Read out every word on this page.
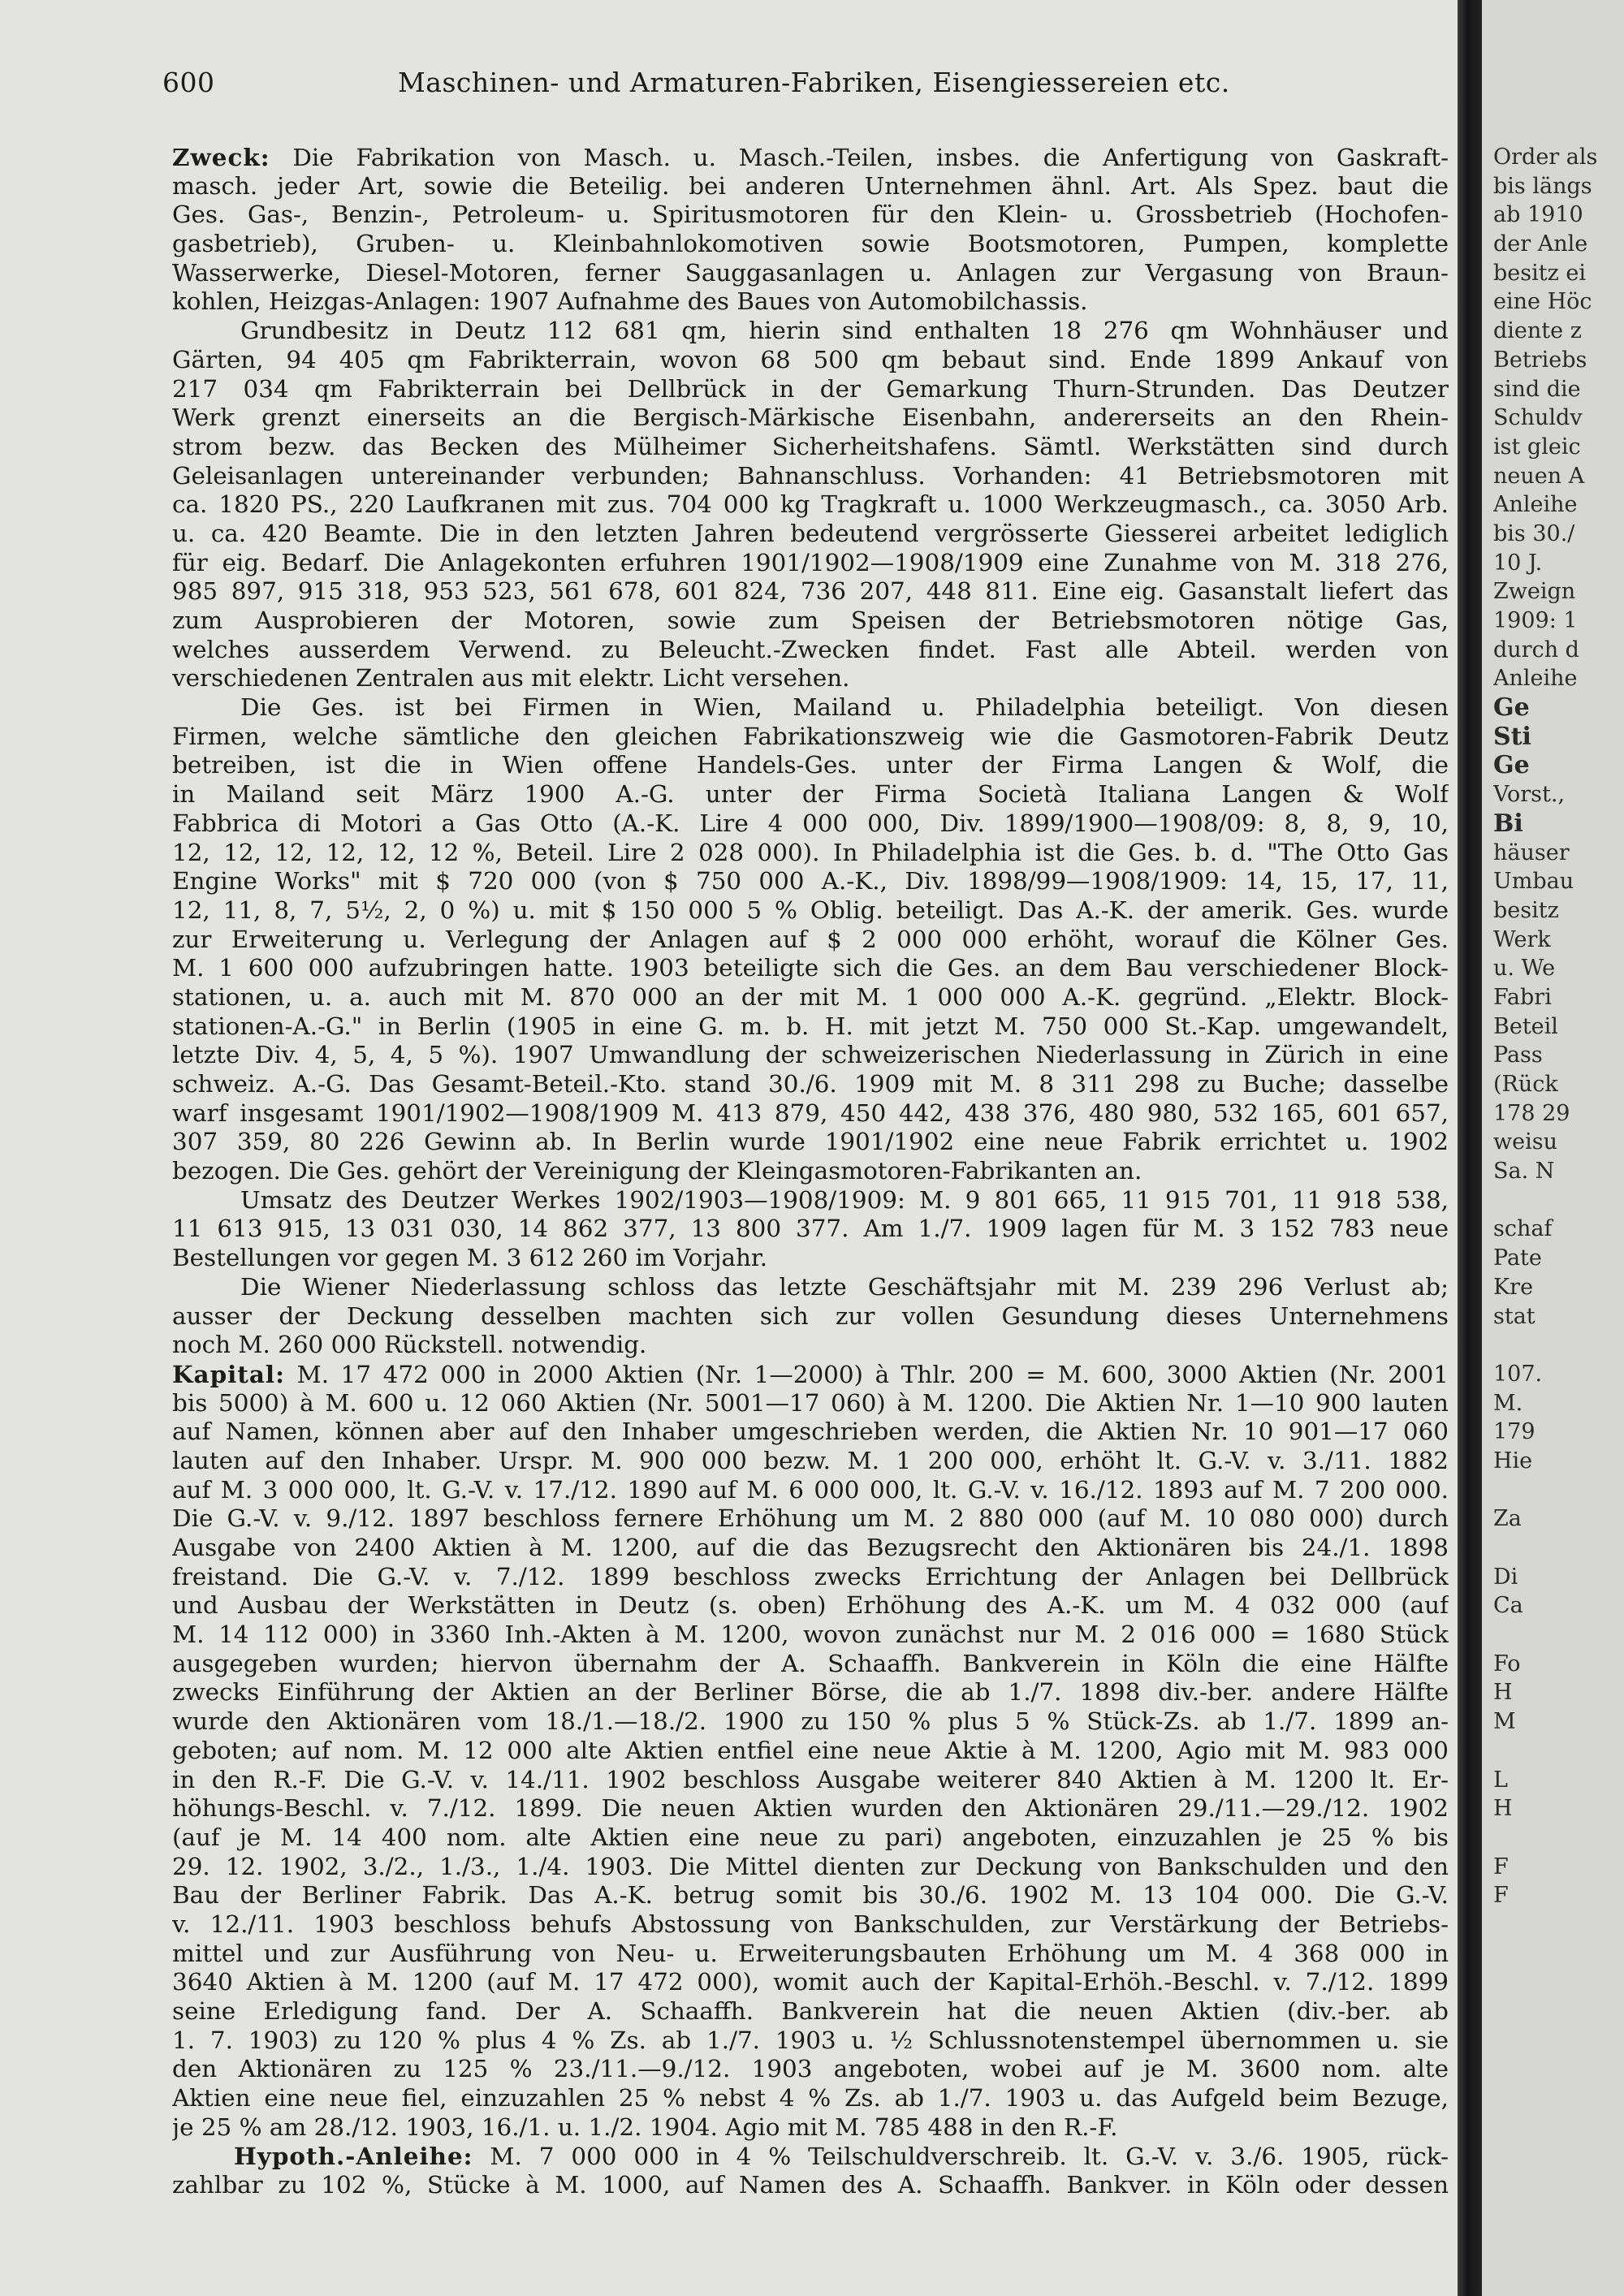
600	Maschinen- und Armaturen-Fabriken, Eisengiessereien etc.
Zweck: Die Fabrikation von Masch. u. Masch.-Teilen, insbes. die Anfertigung von Gaskraft-
masch. jeder Art, sowie die Beteilig. bei anderen Unternehmen ähnl. Art. Als Spez. baut die
Ges. Gas-, Benzin-, Petroleum- u. Spiritusmotoren für den Klein- u. Grossbetrieb (Hochofen-
gasbetrieb), Gruben- u. Kleinbahnlokomotiven sowie Bootsmotoren, Pumpen, komplette
Wasserwerke, Diesel-Motoren, ferner Sauggasanlagen u. Anlagen zur Vergasung von Braun-
kohlen, Heizgas-Anlagen: 1907 Aufnahme des Baues von Automobilchassis.
Grundbesitz in Deutz 112 681 qm, hierin sind enthalten 18 276 qm Wohnhäuser und
Gärten, 94 405 qm Fabrikterrain, wovon 68 500 qm bebaut sind. Ende 1899 Ankauf von
217 034 qm Fabrikterrain bei Dellbrück in der Gemarkung Thurn-Strunden. Das Deutzer
Werk grenzt einerseits an die Bergisch-Märkische Eisenbahn, andererseits an den Rhein-
strom bezw. das Becken des Mülheimer Sicherheitshafens. Sämtl. Werkstätten sind durch
Geleisanlagen untereinander verbunden; Bahnanschluss. Vorhanden: 41 Betriebsmotoren mit
ca. 1820 PS., 220 Laufkranen mit zus. 704 000 kg Tragkraft u. 1000 Werkzeugmasch., ca. 3050 Arb.
u. ca. 420 Beamte. Die in den letzten Jahren bedeutend vergrösserte Giesserei arbeitet lediglich
für eig. Bedarf. Die Anlagekonten erfuhren 1901/1902—1908/1909 eine Zunahme von M. 318 276,
985 897, 915 318, 953 523, 561 678, 601 824, 736 207, 448 811. Eine eig. Gasanstalt liefert das
zum Ausprobieren der Motoren, sowie zum Speisen der Betriebsmotoren nötige Gas,
welches ausserdem Verwend. zu Beleucht.-Zwecken findet. Fast alle Abteil. werden von
verschiedenen Zentralen aus mit elektr. Licht versehen.
Die Ges. ist bei Firmen in Wien, Mailand u. Philadelphia beteiligt. Von diesen
Firmen, welche sämtliche den gleichen Fabrikationszweig wie die Gasmotoren-Fabrik Deutz
betreiben, ist die in Wien offene Handels-Ges. unter der Firma Langen & Wolf, die
in Mailand seit März 1900 A.-G. unter der Firma Società Italiana Langen & Wolf
Fabbrica di Motori a Gas Otto (A.-K. Lire 4 000 000, Div. 1899/1900—1908/09: 8, 8, 9, 10,
12, 12, 12, 12, 12, 12 %, Beteil. Lire 2 028 000). In Philadelphia ist die Ges. b. d. "The Otto Gas
Engine Works" mit $ 720 000 (von $ 750 000 A.-K., Div. 1898/99—1908/1909: 14, 15, 17, 11,
12, 11, 8, 7, 5½, 2, 0 %) u. mit $ 150 000 5 % Oblig. beteiligt. Das A.-K. der amerik. Ges. wurde
zur Erweiterung u. Verlegung der Anlagen auf $ 2 000 000 erhöht, worauf die Kölner Ges.
M. 1 600 000 aufzubringen hatte. 1903 beteiligte sich die Ges. an dem Bau verschiedener Block-
stationen, u. a. auch mit M. 870 000 an der mit M. 1 000 000 A.-K. gegründ. „Elektr. Block-
stationen-A.-G." in Berlin (1905 in eine G. m. b. H. mit jetzt M. 750 000 St.-Kap. umgewandelt,
letzte Div. 4, 5, 4, 5 %). 1907 Umwandlung der schweizerischen Niederlassung in Zürich in eine
schweiz. A.-G. Das Gesamt-Beteil.-Kto. stand 30./6. 1909 mit M. 8 311 298 zu Buche; dasselbe
warf insgesamt 1901/1902—1908/1909 M. 413 879, 450 442, 438 376, 480 980, 532 165, 601 657,
307 359, 80 226 Gewinn ab. In Berlin wurde 1901/1902 eine neue Fabrik errichtet u. 1902
bezogen. Die Ges. gehört der Vereinigung der Kleingasmotoren-Fabrikanten an.
Umsatz des Deutzer Werkes 1902/1903—1908/1909: M. 9 801 665, 11 915 701, 11 918 538,
11 613 915, 13 031 030, 14 862 377, 13 800 377. Am 1./7. 1909 lagen für M. 3 152 783 neue
Bestellungen vor gegen M. 3 612 260 im Vorjahr.
Die Wiener Niederlassung schloss das letzte Geschäftsjahr mit M. 239 296 Verlust ab;
ausser der Deckung desselben machten sich zur vollen Gesundung dieses Unternehmens
noch M. 260 000 Rückstell. notwendig.
Kapital: M. 17 472 000 in 2000 Aktien (Nr. 1—2000) à Thlr. 200 = M. 600, 3000 Aktien (Nr. 2001
bis 5000) à M. 600 u. 12 060 Aktien (Nr. 5001—17 060) à M. 1200. Die Aktien Nr. 1—10 900 lauten
auf Namen, können aber auf den Inhaber umgeschrieben werden, die Aktien Nr. 10 901—17 060
lauten auf den Inhaber. Urspr. M. 900 000 bezw. M. 1 200 000, erhöht lt. G.-V. v. 3./11. 1882
auf M. 3 000 000, lt. G.-V. v. 17./12. 1890 auf M. 6 000 000, lt. G.-V. v. 16./12. 1893 auf M. 7 200 000.
Die G.-V. v. 9./12. 1897 beschloss fernere Erhöhung um M. 2 880 000 (auf M. 10 080 000) durch
Ausgabe von 2400 Aktien à M. 1200, auf die das Bezugsrecht den Aktionären bis 24./1. 1898
freistand. Die G.-V. v. 7./12. 1899 beschloss zwecks Errichtung der Anlagen bei Dellbrück
und Ausbau der Werkstätten in Deutz (s. oben) Erhöhung des A.-K. um M. 4 032 000 (auf
M. 14 112 000) in 3360 Inh.-Akten à M. 1200, wovon zunächst nur M. 2 016 000 = 1680 Stück
ausgegeben wurden; hiervon übernahm der A. Schaaffh. Bankverein in Köln die eine Hälfte
zwecks Einführung der Aktien an der Berliner Börse, die ab 1./7. 1898 div.-ber. andere Hälfte
wurde den Aktionären vom 18./1.—18./2. 1900 zu 150 % plus 5 % Stück-Zs. ab 1./7. 1899 an-
geboten; auf nom. M. 12 000 alte Aktien entfiel eine neue Aktie à M. 1200, Agio mit M. 983 000
in den R.-F. Die G.-V. v. 14./11. 1902 beschloss Ausgabe weiterer 840 Aktien à M. 1200 lt. Er-
höhungs-Beschl. v. 7./12. 1899. Die neuen Aktien wurden den Aktionären 29./11.—29./12. 1902
(auf je M. 14 400 nom. alte Aktien eine neue zu pari) angeboten, einzuzahlen je 25 % bis
29. 12. 1902, 3./2., 1./3., 1./4. 1903. Die Mittel dienten zur Deckung von Bankschulden und den
Bau der Berliner Fabrik. Das A.-K. betrug somit bis 30./6. 1902 M. 13 104 000. Die G.-V.
v. 12./11. 1903 beschloss behufs Abstossung von Bankschulden, zur Verstärkung der Betriebs-
mittel und zur Ausführung von Neu- u. Erweiterungsbauten Erhöhung um M. 4 368 000 in
3640 Aktien à M. 1200 (auf M. 17 472 000), womit auch der Kapital-Erhöh.-Beschl. v. 7./12. 1899
seine Erledigung fand. Der A. Schaaffh. Bankverein hat die neuen Aktien (div.-ber. ab
1. 7. 1903) zu 120 % plus 4 % Zs. ab 1./7. 1903 u. ½ Schlussnotenstempel übernommen u. sie
den Aktionären zu 125 % 23./11.—9./12. 1903 angeboten, wobei auf je M. 3600 nom. alte
Aktien eine neue fiel, einzuzahlen 25 % nebst 4 % Zs. ab 1./7. 1903 u. das Aufgeld beim Bezuge,
je 25 % am 28./12. 1903, 16./1. u. 1./2. 1904. Agio mit M. 785 488 in den R.-F.
Hypoth.-Anleihe: M. 7 000 000 in 4 % Teilschuldverschreib. lt. G.-V. v. 3./6. 1905, rück-
zahlbar zu 102 %, Stücke à M. 1000, auf Namen des A. Schaaffh. Bankver. in Köln oder dessen
Order als
bis längs
ab 1910
der Anle
besitz ei
eine Höc
diente z
Betriebs
sind die
Schuldv
ist gleic
neuen A
Anleihe
bis 30./
10 J.
Zweign
1909: 1
durch d
Anleihe
Ge
Sti
Ge
Vorst.,
Bi
häuser
Umbau
besitz
Werk
u. We
Fabri
Beteil
Pass
(Rück
178 29
weisu
Sa. N
schaf
Pate
Kre
stat
107.
M.
179
Hie
Za
Di
Ca
Fo
H
M
L
H
F
F
